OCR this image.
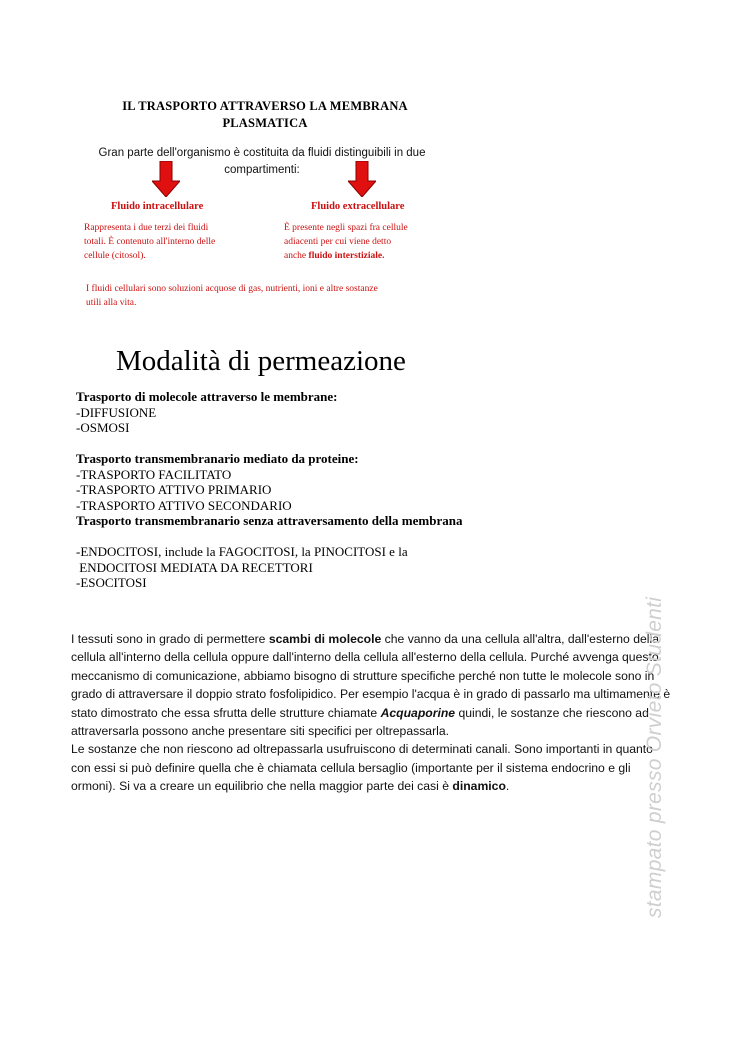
IL TRASPORTO ATTRAVERSO LA MEMBRANA
PLASMATICA
Gran parte dell'organismo è costituita da fluidi distinguibili in due
compartimenti:
Fluido intracellulare	Fluido extracellulare
Rappresenta i due terzi dei fluidi
totali. È contenuto all'interno delle
cellule (citosol).
È presente negli spazi fra cellule
adiacenti per cui viene detto
anche fluido interstiziale.
I fluidi cellulari sono soluzioni acquose di gas, nutrienti, ioni e altre sostanze
utili alla vita.
Modalità di permeazione
Trasporto di molecole attraverso le membrane:
-DIFFUSIONE
-OSMOSI
Trasporto transmembranario mediato da proteine:
-TRASPORTO FACILITATO
-TRASPORTO ATTIVO PRIMARIO
-TRASPORTO ATTIVO SECONDARIO
Trasporto transmembranario senza attraversamento della membrana
-ENDOCITOSI, include la FAGOCITOSI, la PINOCITOSI e la
ENDOCITOSI MEDIATA DA RECETTORI
-ESOCITOSI
I tessuti sono in grado di permettere scambi di molecole che vanno da una cellula all'altra, dall'esterno della cellula all'interno della cellula oppure dall'interno della cellula all'esterno della cellula. Purché avvenga questo meccanismo di comunicazione, abbiamo bisogno di strutture specifiche perché non tutte le molecole sono in grado di attraversare il doppio strato fosfolipidico. Per esempio l'acqua è in grado di passarlo ma ultimamente è stato dimostrato che essa sfrutta delle strutture chiamate Acquaporine quindi, le sostanze che riescono ad attraversarla possono anche presentare siti specifici per oltrepassarla.
Le sostanze che non riescono ad oltrepassarla usufruiscono di determinati canali. Sono importanti in quanto con essi si può definire quella che è chiamata cellula bersaglio (importante per il sistema endocrino e gli ormoni). Si va a creare un equilibrio che nella maggior parte dei casi è dinamico.	stampato presso Orvieto Studenti
